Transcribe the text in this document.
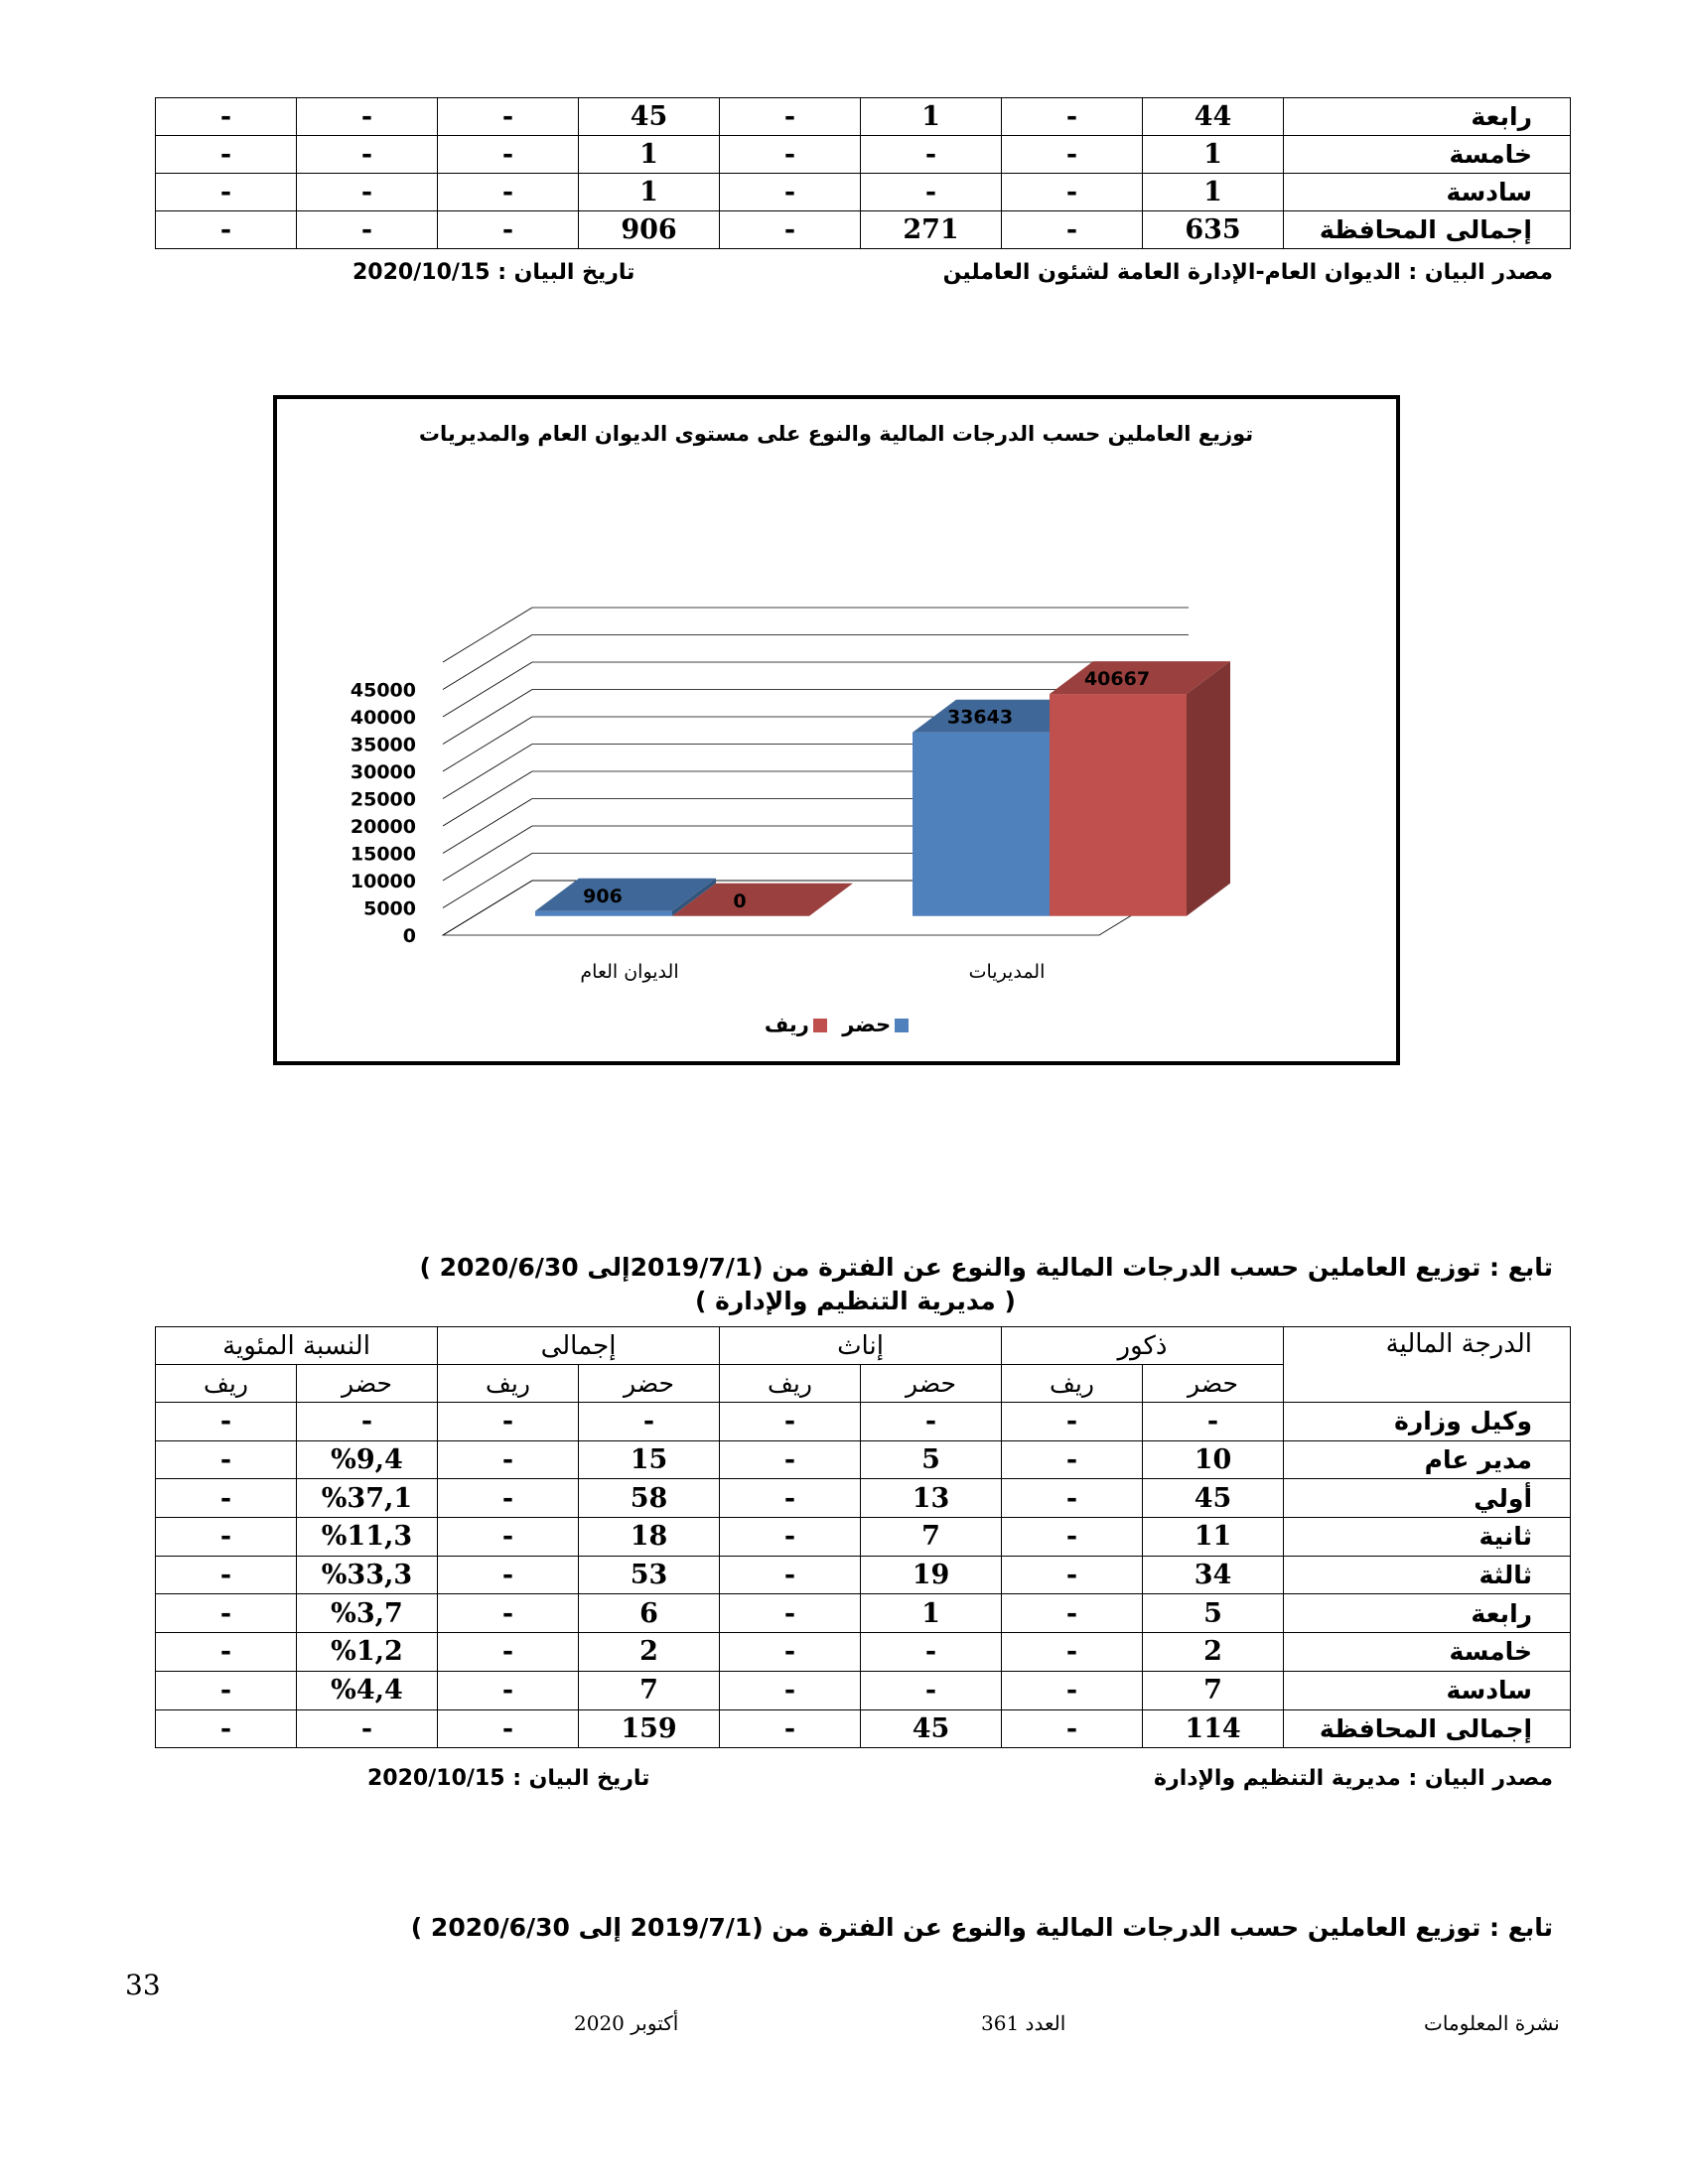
-	-	-	45	-	1	-	44	رابعة
-	-	-	1	-	-	-	1	خامسة
-	-	-	1	-	-	-	1	سادسة
-	-	-	906	-	271	-	635	إجمالى المحافظة
مصدر البيان : الديوان العام-الإدارة العامة لشئون العاملين
تاريخ البيان : 2020/10/15
توزيع العاملين حسب الدرجات المالية والنوع على مستوى الديوان العام والمديريات
0
5000
10000
15000
20000
25000
30000
35000
40000
45000
906	0
الديوان العام
33643
40667
المديريات
حضر ريف
تابع : توزيع العاملين حسب الدرجات المالية والنوع عن الفترة من (2019/7/1إلى 2020/6/30 )
( مديرية التنظيم والإدارة )
النسبة المئوية		إجمالى		إناث		ذكور		الدرجة المالية
ريف	حضر	ريف	حضر	ريف	حضر	ريف	حضر	
-	-	-	-	-	-	-	-	وكيل وزارة
-	%9,4	-	15	-	5	-	10	مدير عام
-	%37,1	-	58	-	13	-	45	أولي
-	%11,3	-	18	-	7	-	11	ثانية
-	%33,3	-	53	-	19	-	34	ثالثة
-	%3,7	-	6	-	1	-	5	رابعة
-	%1,2	-	2	-	-	-	2	خامسة
-	%4,4	-	7	-	-	-	7	سادسة
-	-	-	159	-	45	-	114	إجمالى المحافظة
مصدر البيان : مديرية التنظيم والإدارة
تاريخ البيان : 2020/10/15
تابع : توزيع العاملين حسب الدرجات المالية والنوع عن الفترة من (2019/7/1 إلى 2020/6/30 )
33
أكتوبر 2020	العدد 361	نشرة المعلومات
